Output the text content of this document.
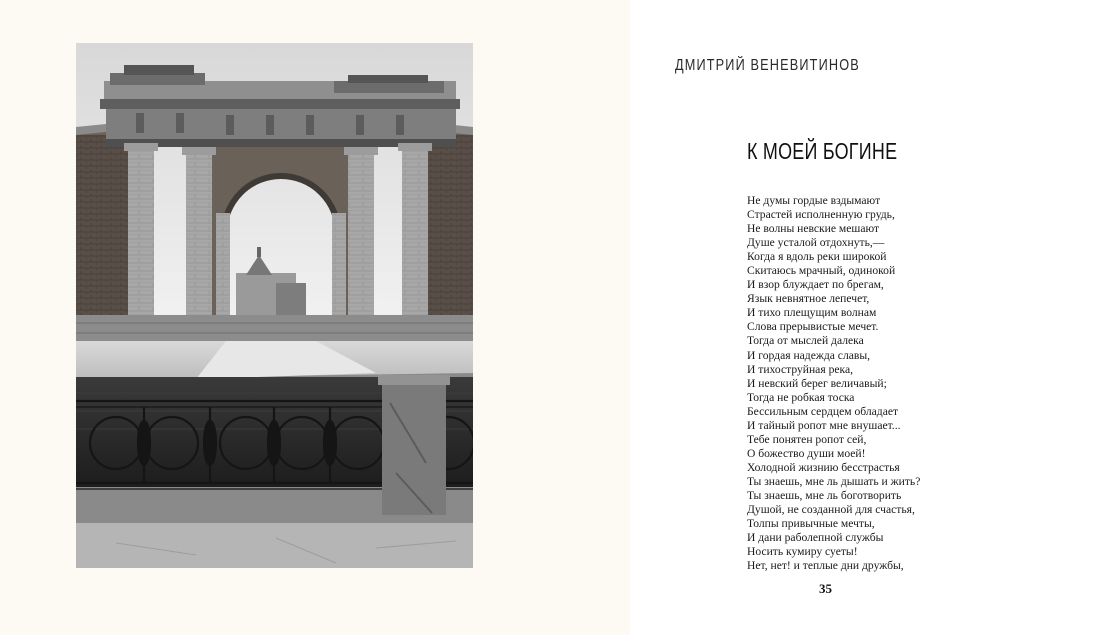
ДМИТРИЙ ВЕНЕВИТИНОВ
К МОЕЙ БОГИНЕ
Не думы гордые вздымают
Страстей исполненную грудь,
Не волны невские мешают
Душе усталой отдохнуть,—
Когда я вдоль реки широкой
Скитаюсь мрачный, одинокой
И взор блуждает по брегам,
Язык невнятное лепечет,
И тихо плещущим волнам
Слова прерывистые мечет.
Тогда от мыслей далека
И гордая надежда славы,
И тихоструйная река,
И невский берег величавый;
Тогда не робкая тоска
Бессильным сердцем обладает
И тайный ропот мне внушает...
Тебе понятен ропот сей,
О божество души моей!
Холодной жизнию бесстрастья
Ты знаешь, мне ль дышать и жить?
Ты знаешь, мне ль боготворить
Душой, не созданной для счастья,
Толпы привычные мечты,
И дани раболепной службы
Носить кумиру суеты!
Нет, нет! и теплые дни дружбы,
35
